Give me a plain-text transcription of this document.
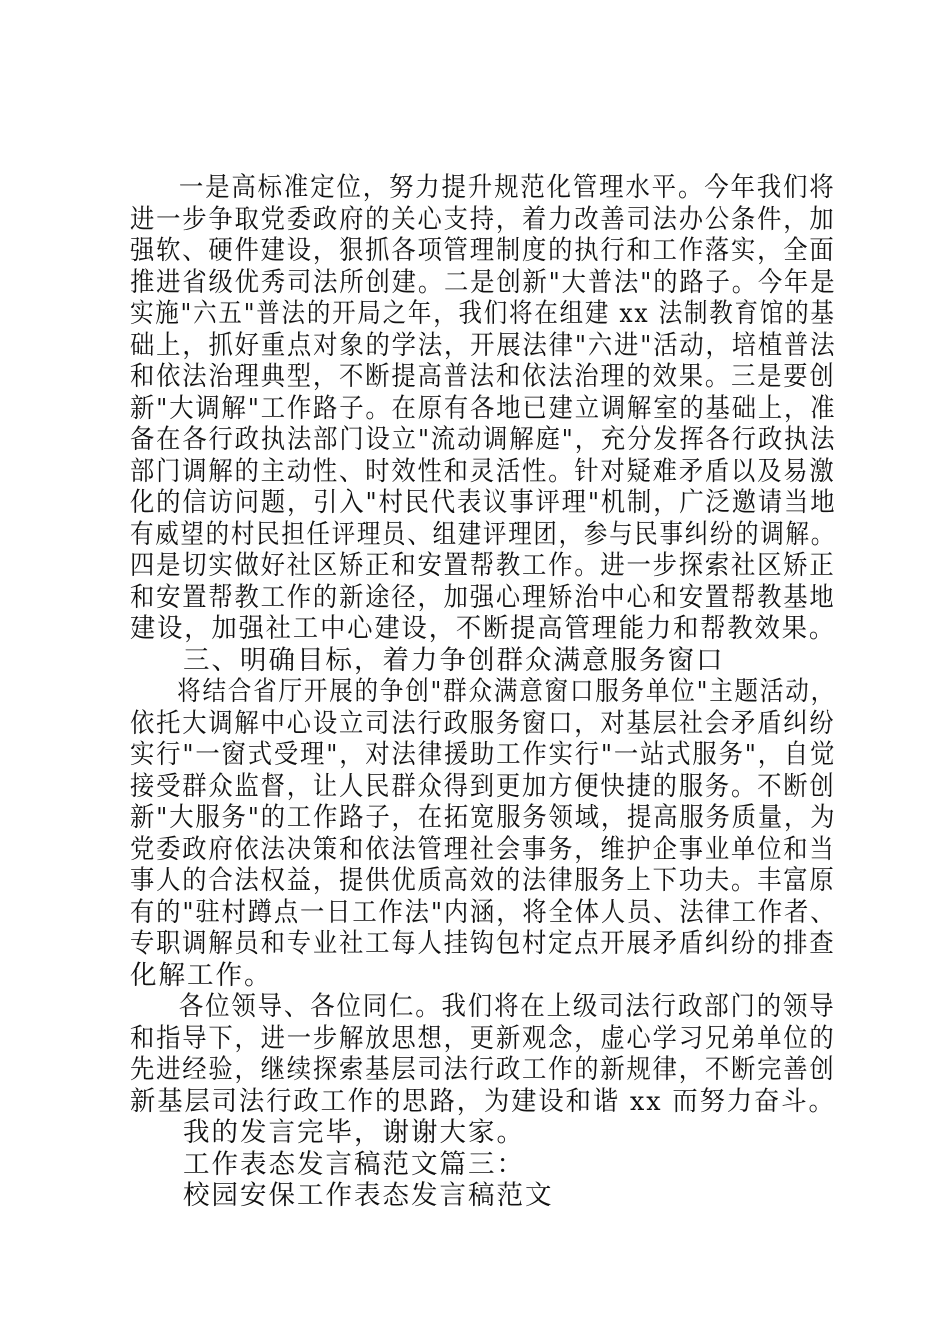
一是高标准定位，努力提升规范化管理水平。今年我们将
进一步争取党委政府的关心支持，着力改善司法办公条件，加
强软、硬件建设，狠抓各项管理制度的执行和工作落实，全面
推进省级优秀司法所创建。二是创新"大普法"的路子。今年是
实施"六五"普法的开局之年，我们将在组建 xx 法制教育馆的基
础上，抓好重点对象的学法，开展法律"六进"活动，培植普法
和依法治理典型，不断提高普法和依法治理的效果。三是要创
新"大调解"工作路子。在原有各地已建立调解室的基础上，准
备在各行政执法部门设立"流动调解庭"，充分发挥各行政执法
部门调解的主动性、时效性和灵活性。针对疑难矛盾以及易激
化的信访问题，引入"村民代表议事评理"机制，广泛邀请当地
有威望的村民担任评理员、组建评理团，参与民事纠纷的调解。
四是切实做好社区矫正和安置帮教工作。进一步探索社区矫正
和安置帮教工作的新途径，加强心理矫治中心和安置帮教基地
建设，加强社工中心建设，不断提高管理能力和帮教效果。
三、明确目标，着力争创群众满意服务窗口
将结合省厅开展的争创"群众满意窗口服务单位"主题活动，
依托大调解中心设立司法行政服务窗口，对基层社会矛盾纠纷
实行"一窗式受理"，对法律援助工作实行"一站式服务"，自觉
接受群众监督，让人民群众得到更加方便快捷的服务。不断创
新"大服务"的工作路子，在拓宽服务领域，提高服务质量，为
党委政府依法决策和依法管理社会事务，维护企事业单位和当
事人的合法权益，提供优质高效的法律服务上下功夫。丰富原
有的"驻村蹲点一日工作法"内涵，将全体人员、法律工作者、
专职调解员和专业社工每人挂钩包村定点开展矛盾纠纷的排查
化解工作。
各位领导、各位同仁。我们将在上级司法行政部门的领导
和指导下，进一步解放思想，更新观念，虚心学习兄弟单位的
先进经验，继续探索基层司法行政工作的新规律，不断完善创
新基层司法行政工作的思路，为建设和谐 xx 而努力奋斗。
我的发言完毕，谢谢大家。
工作表态发言稿范文篇三：
校园安保工作表态发言稿范文
